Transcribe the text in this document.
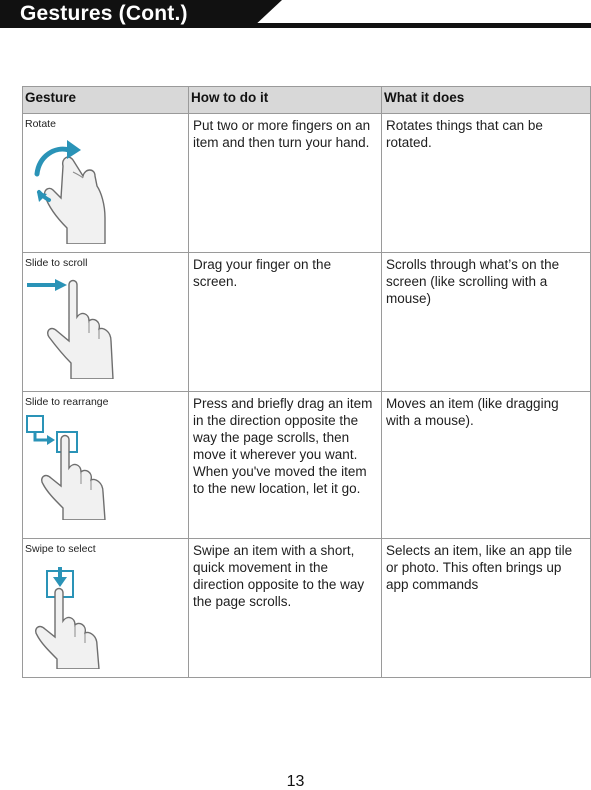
Gestures (Cont.)
Gesture	How to do it	What it does

Rotate	Put two or more fingers on an item and then turn your hand.	Rotates things that can be rotated.

Slide to scroll	Drag your finger on the screen.	Scrolls through what’s on the screen (like scrolling with a mouse)

Slide to rearrange	Press and briefly drag an item in the direction opposite the way the page scrolls, then move it wherever you want. When you've moved the item to the new location, let it go.	Moves an item (like dragging with a mouse).

Swipe to select	Swipe an item with a short, quick movement in the direction opposite to the way the page scrolls.	Selects an item, like an app tile or photo. This often brings up app commands
13
